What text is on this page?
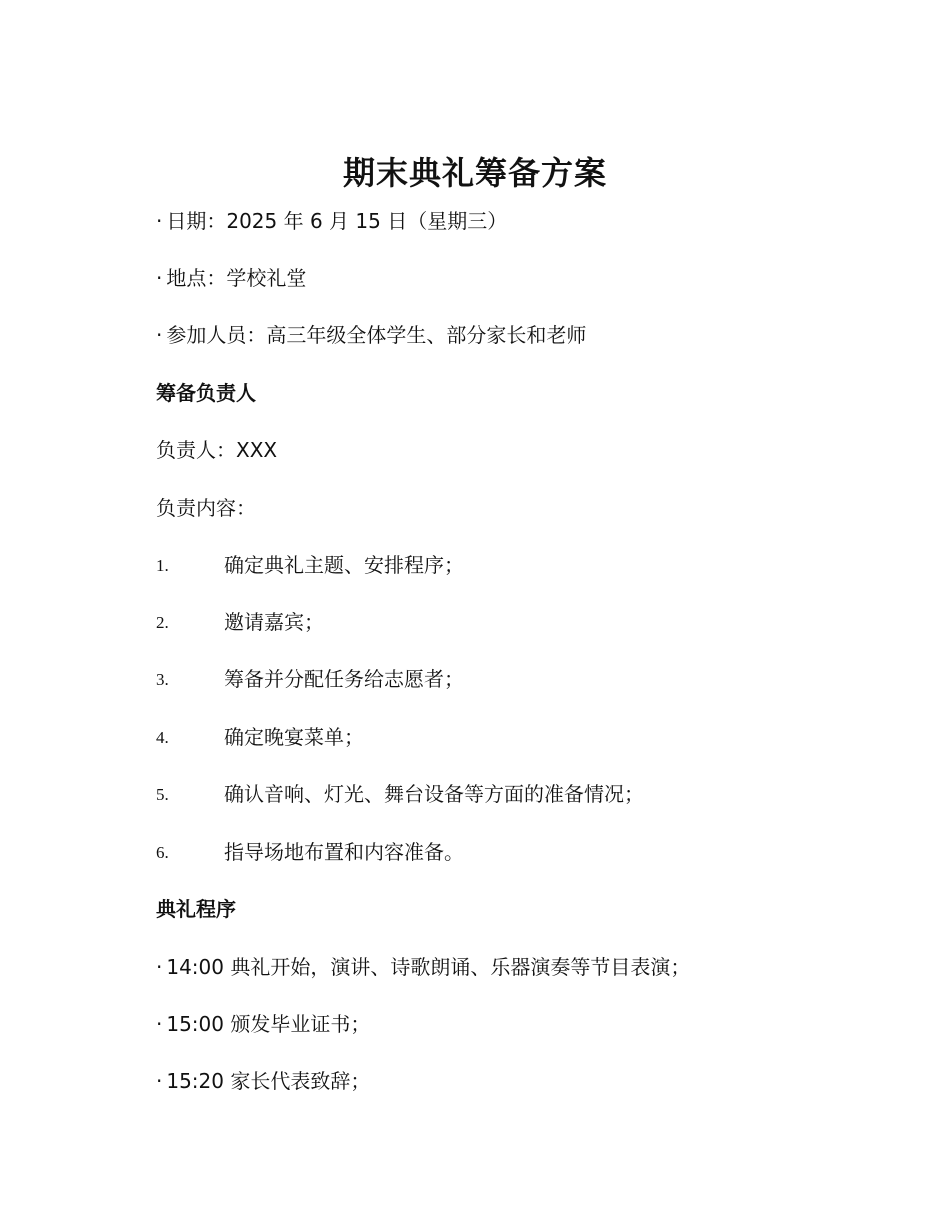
期末典礼筹备方案
· 日期：2025 年 6 月 15 日（星期三）
· 地点：学校礼堂
· 参加人员：高三年级全体学生、部分家长和老师
筹备负责人
负责人：XXX
负责内容：
1.	确定典礼主题、安排程序；
2.	邀请嘉宾；
3.	筹备并分配任务给志愿者；
4.	确定晚宴菜单；
5.	确认音响、灯光、舞台设备等方面的准备情况；
6.	指导场地布置和内容准备。
典礼程序
· 14:00 典礼开始，演讲、诗歌朗诵、乐器演奏等节目表演；
· 15:00 颁发毕业证书；
· 15:20 家长代表致辞；
